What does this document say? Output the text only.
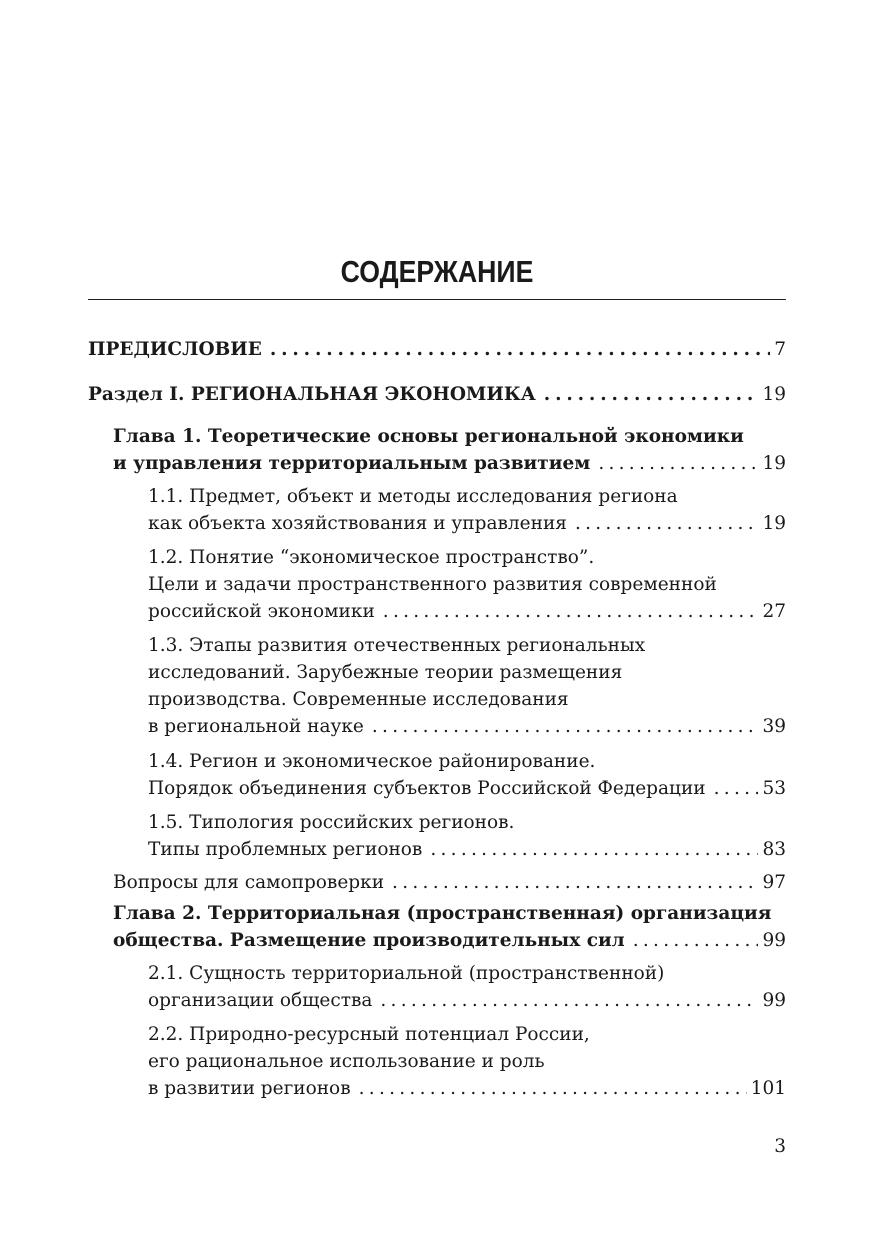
СОДЕРЖАНИЕ
ПРЕДИСЛОВИЕ . . .	7
Раздел I. РЕГИОНАЛЬНАЯ ЭКОНОМИКА . . .	19
Глава 1. Теоретические основы региональной экономики
и управления территориальным развитием . . .	19
1.1. Предмет, объект и методы исследования региона
как объекта хозяйствования и управления . . .	19
1.2. Понятие “экономическое пространство”.
Цели и задачи пространственного развития современной
российской экономики . . .	27
1.3. Этапы развития отечественных региональных
исследований. Зарубежные теории размещения
производства. Современные исследования
в региональной науке . . .	39
1.4. Регион и экономическое районирование.
Порядок объединения субъектов Российской Федерации . . .	53
1.5. Типология российских регионов.
Типы проблемных регионов . . .	83
Вопросы для самопроверки . . .	97
Глава 2. Территориальная (пространственная) организация
общества. Размещение производительных сил . . .	99
2.1. Сущность территориальной (пространственной)
организации общества . . .	99
2.2. Природно-ресурсный потенциал России,
его рациональное использование и роль
в развитии регионов . . .	101
3
